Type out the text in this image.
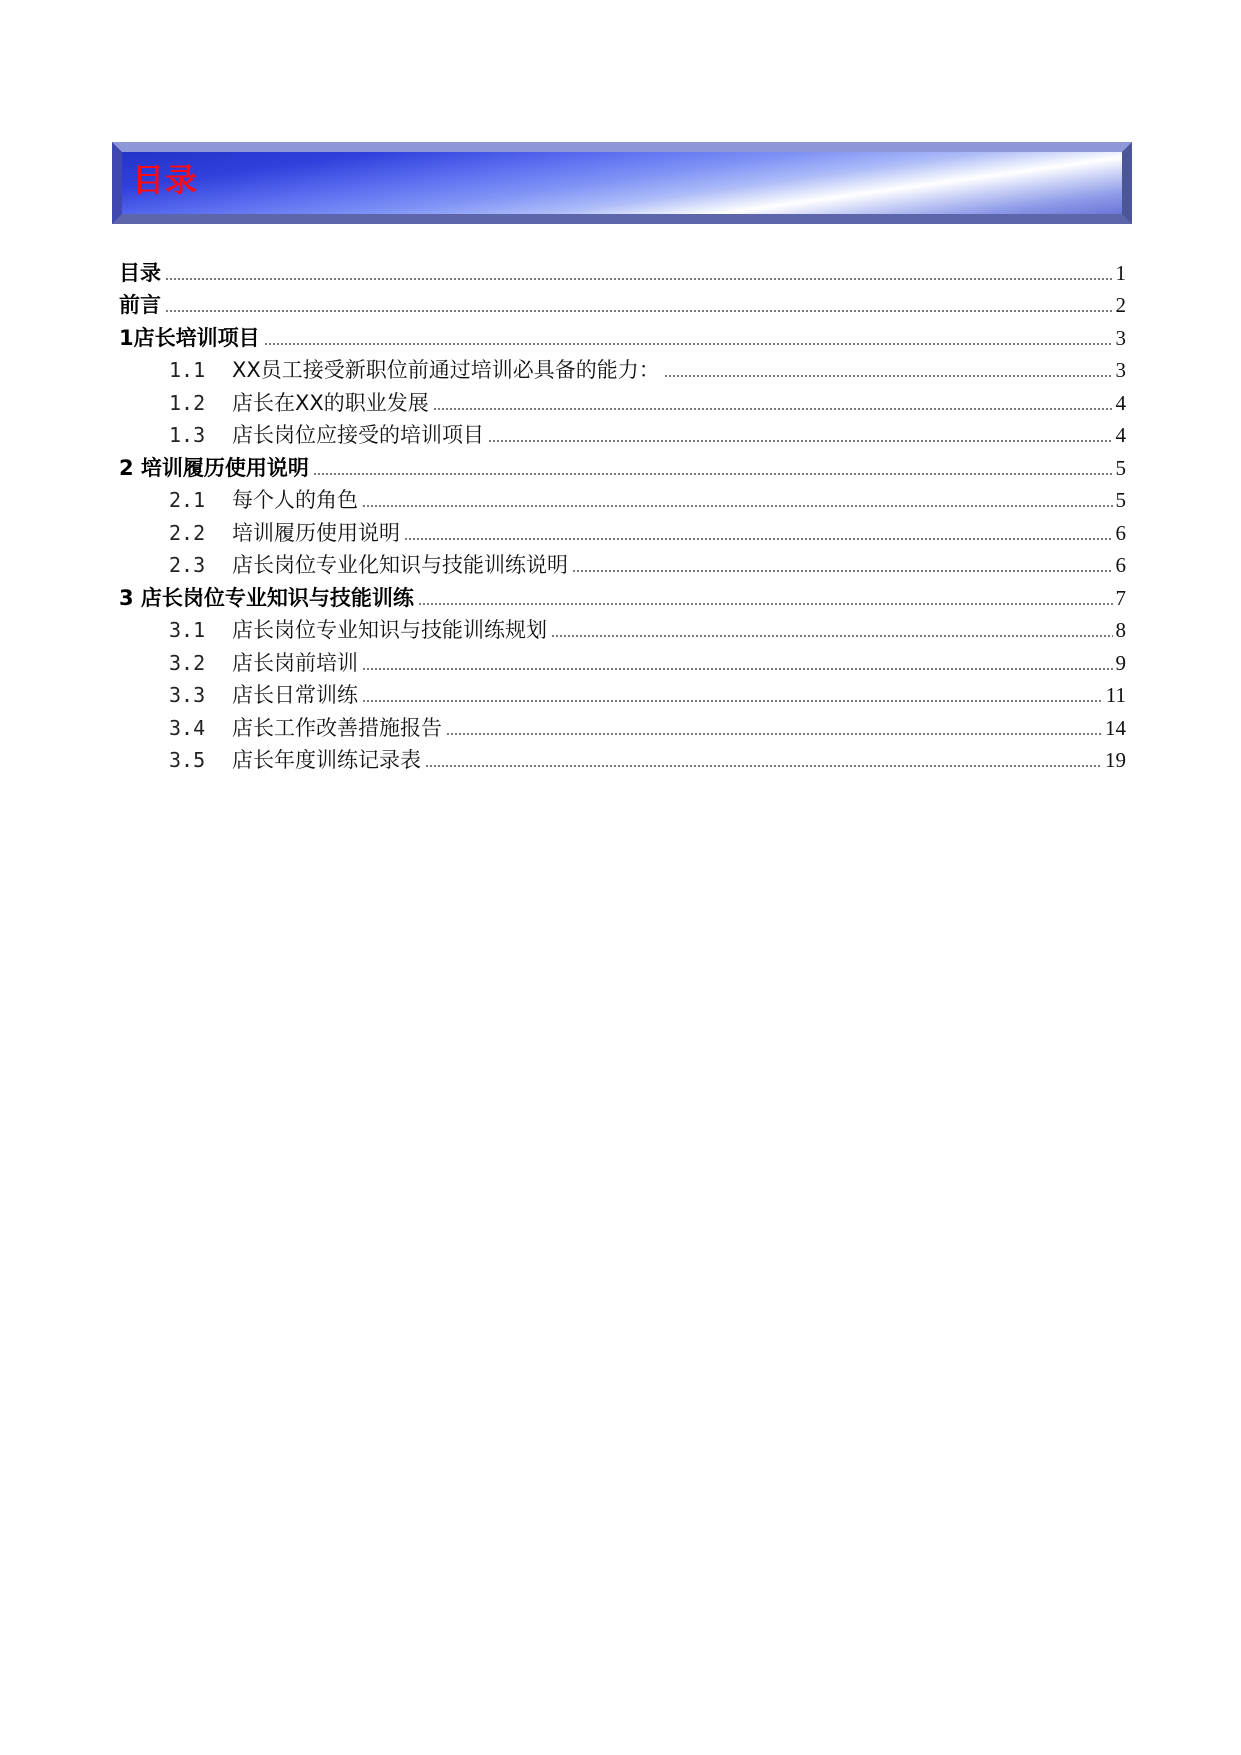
目录
目录	1
前言	2
1店长培训项目	3
1.1	XX员工接受新职位前通过培训必具备的能力：	3
1.2	店长在XX的职业发展	4
1.3	店长岗位应接受的培训项目	4
2 培训履历使用说明	5
2.1	每个人的角色	5
2.2	培训履历使用说明	6
2.3	店长岗位专业化知识与技能训练说明	6
3 店长岗位专业知识与技能训练	7
3.1	店长岗位专业知识与技能训练规划	8
3.2	店长岗前培训	9
3.3	店长日常训练	11
3.4	店长工作改善措施报告	14
3.5	店长年度训练记录表	19
